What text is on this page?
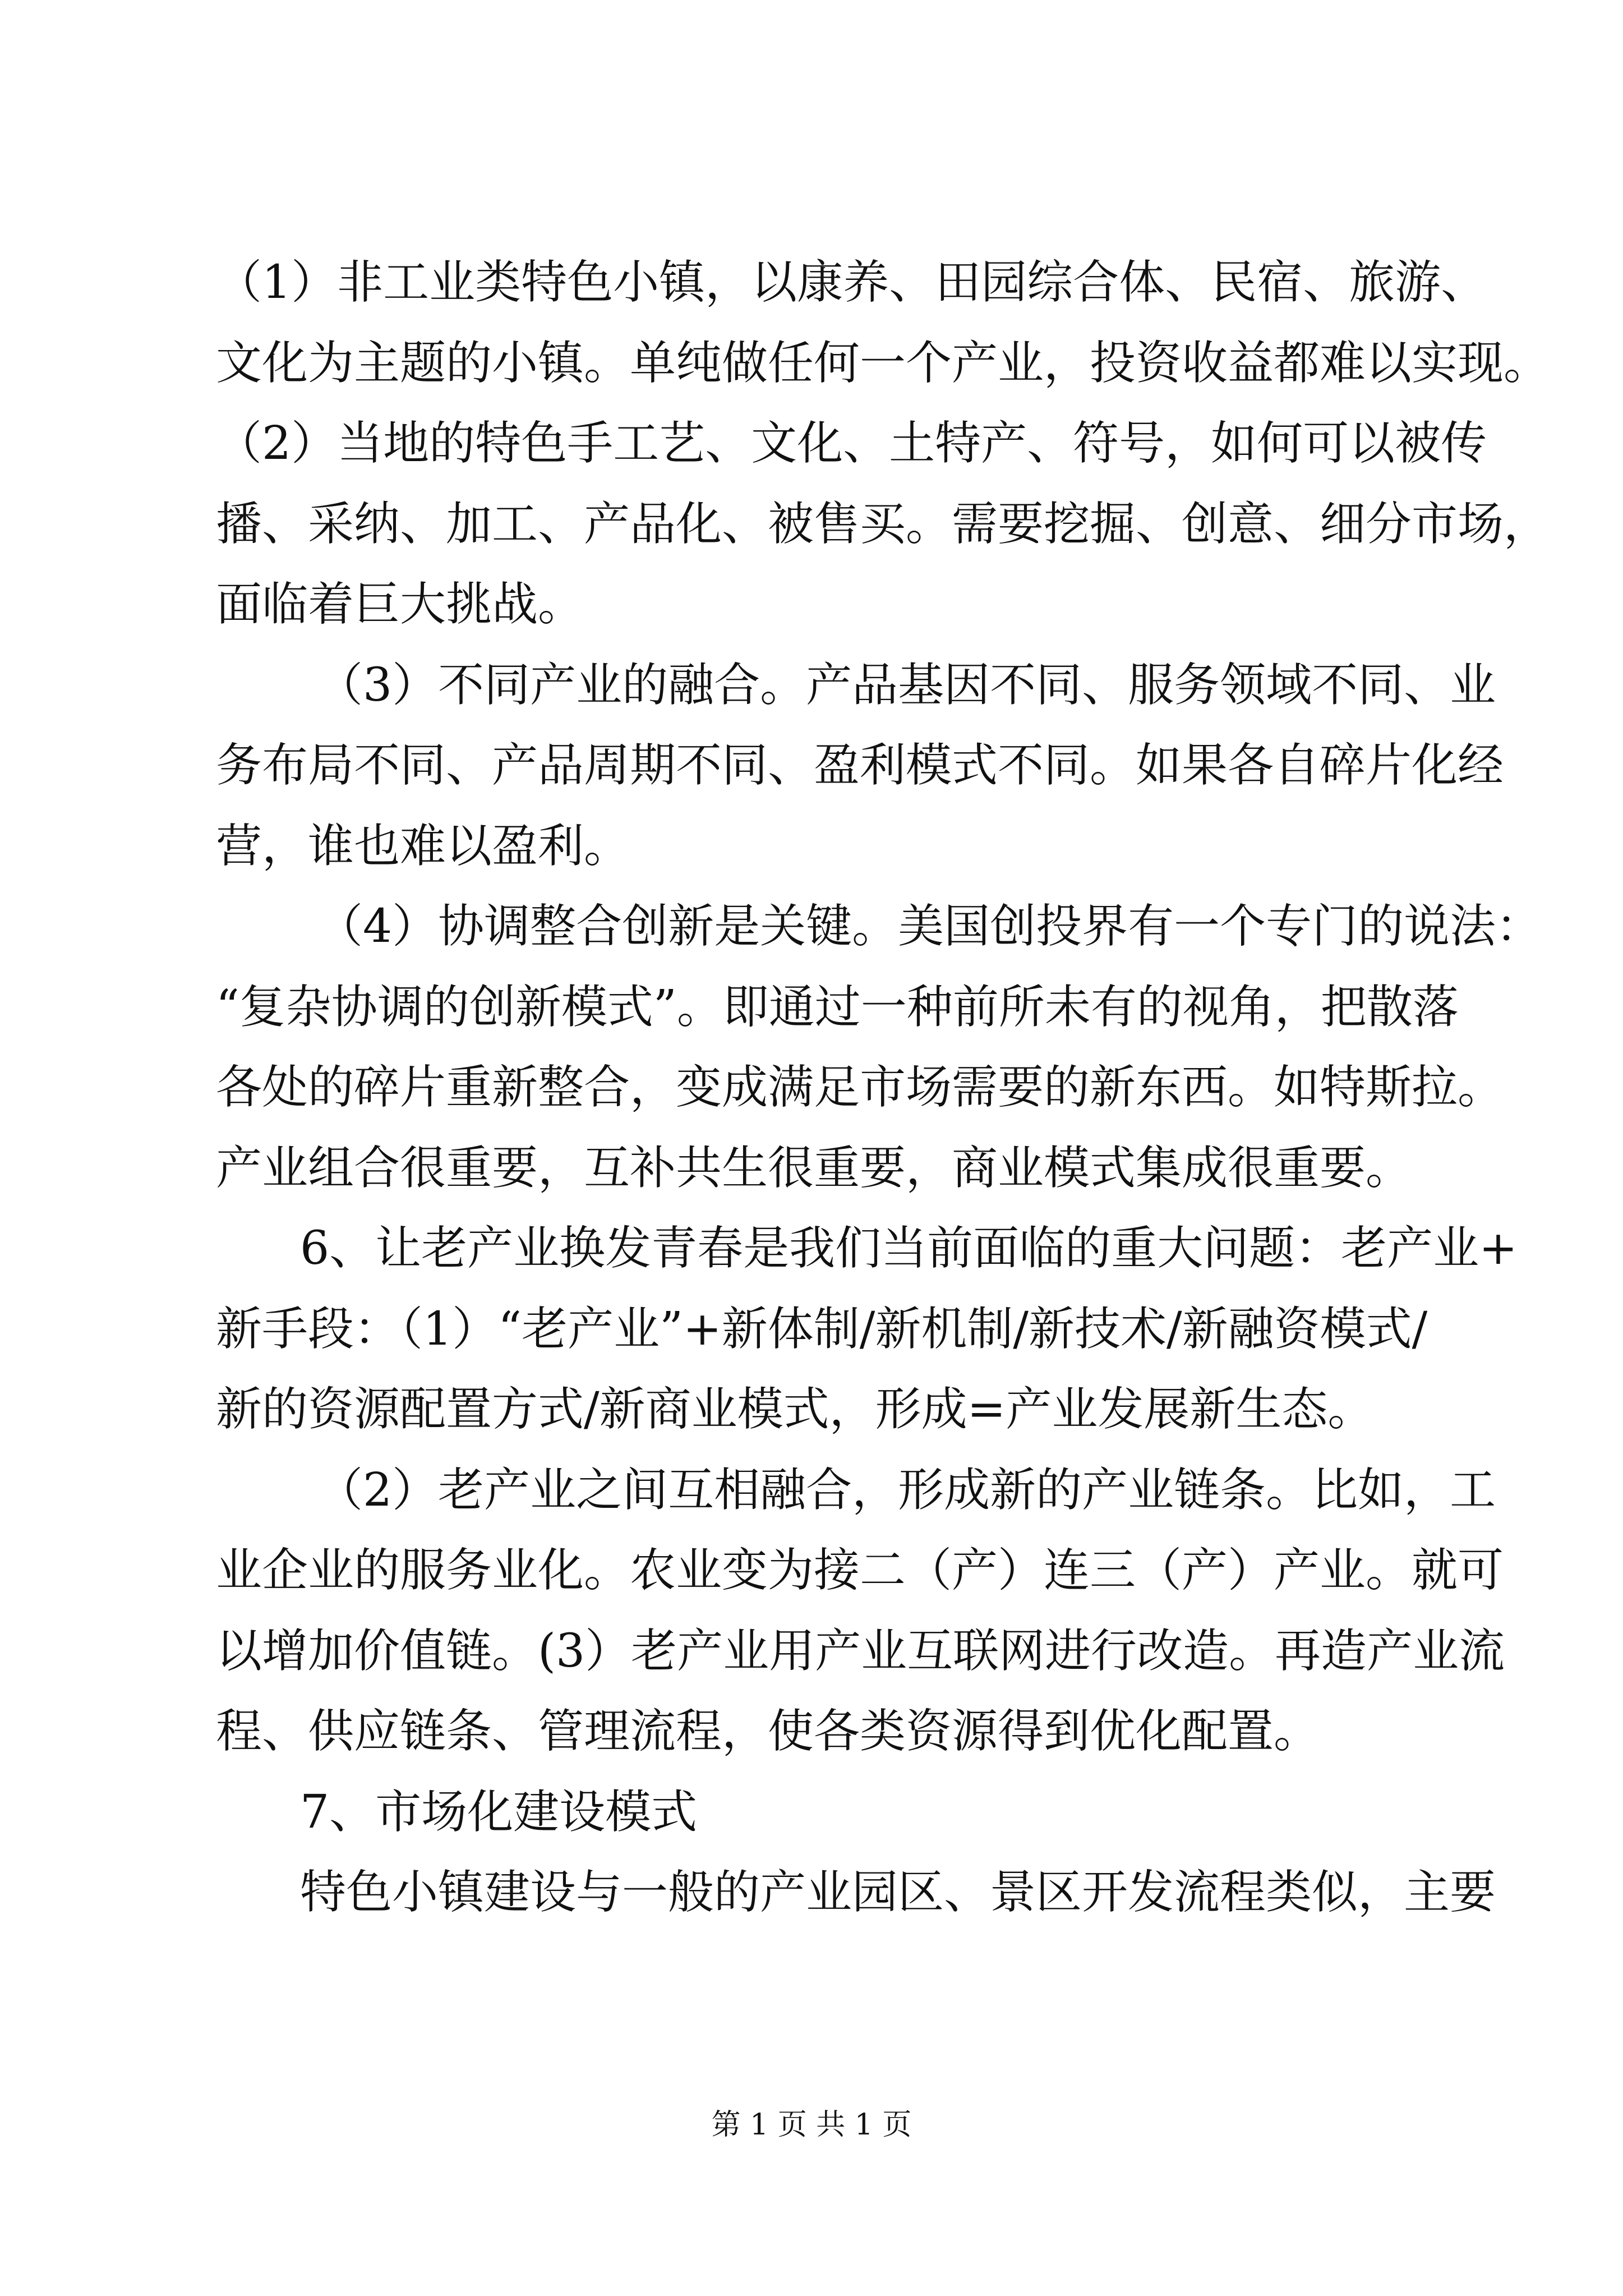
（1）非工业类特色小镇，以康养、田园综合体、民宿、旅游、
文化为主题的小镇。单纯做任何一个产业，投资收益都难以实现。
（2）当地的特色手工艺、文化、土特产、符号，如何可以被传
播、采纳、加工、产品化、被售买。需要挖掘、创意、细分市场，
面临着巨大挑战。
（3）不同产业的融合。产品基因不同、服务领域不同、业
务布局不同、产品周期不同、盈利模式不同。如果各自碎片化经
营，谁也难以盈利。
（4）协调整合创新是关键。美国创投界有一个专门的说法：
“复杂协调的创新模式”。即通过一种前所未有的视角，把散落
各处的碎片重新整合，变成满足市场需要的新东西。如特斯拉。
产业组合很重要，互补共生很重要，商业模式集成很重要。
6、让老产业换发青春是我们当前面临的重大问题：老产业+
新手段：（1）“老产业”+新体制/新机制/新技术/新融资模式/
新的资源配置方式/新商业模式，形成=产业发展新生态。
（2）老产业之间互相融合，形成新的产业链条。比如，工
业企业的服务业化。农业变为接二（产）连三（产）产业。就可
以增加价值链。(3）老产业用产业互联网进行改造。再造产业流
程、供应链条、管理流程，使各类资源得到优化配置。
7、市场化建设模式
特色小镇建设与一般的产业园区、景区开发流程类似，主要
第 1 页 共 1 页
